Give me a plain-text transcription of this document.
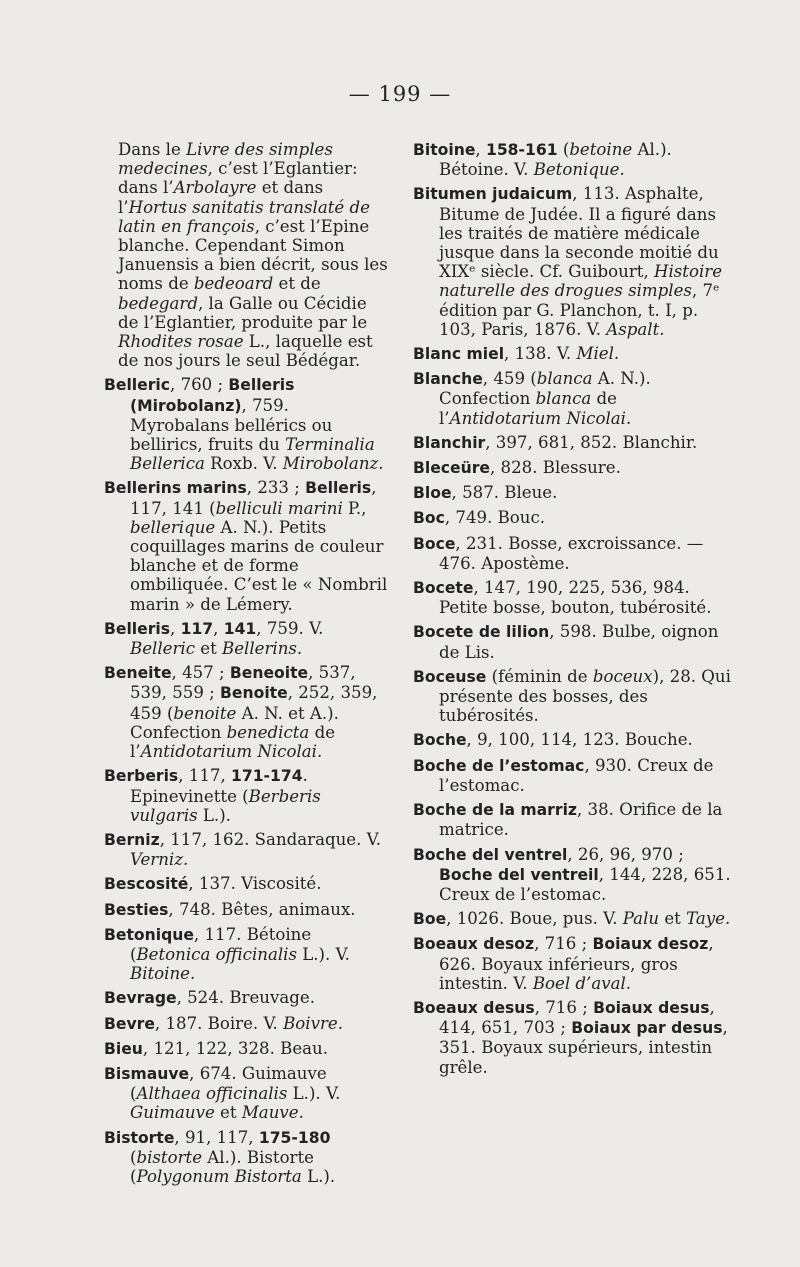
— 199 —

Dans le Livre des simples medecines, c’est l’Eglantier: dans l’Arbolayre et dans l’Hortus sanitatis translaté de latin en françois, c’est l’Epine blanche. Cependant Simon Januensis a bien décrit, sous les noms de bedeoard et de bedegard, la Galle ou Cécidie de l’Eglantier, produite par le Rhodites rosae L., laquelle est de nos jours le seul Bédégar.

Belleric, 760 ; Belleris (Mirobolanz), 759. Myrobalans bellérics ou bellirics, fruits du Terminalia Bellerica Roxb. V. Mirobolanz.

Bellerins marins, 233 ; Belleris, 117, 141 (belliculi marini P., bellerique A. N.). Petits coquillages marins de couleur blanche et de forme ombiliquée. C’est le « Nombril marin » de Lémery.

Belleris, 117, 141, 759. V. Belleric et Bellerins.

Beneite, 457 ; Beneoite, 537, 539, 559 ; Benoite, 252, 359, 459 (benoite A. N. et A.). Confection benedicta de l’Antidotarium Nicolai.

Berberis, 117, 171-174. Epinevinette (Berberis vulgaris L.).

Berniz, 117, 162. Sandaraque. V. Verniz.

Bescosité, 137. Viscosité.

Besties, 748. Bêtes, animaux.

Betonique, 117. Bétoine (Betonica officinalis L.). V. Bitoine.

Bevrage, 524. Breuvage.

Bevre, 187. Boire. V. Boivre.

Bieu, 121, 122, 328. Beau.

Bismauve, 674. Guimauve (Althaea officinalis L.). V. Guimauve et Mauve.

Bistorte, 91, 117, 175-180 (bistorte Al.). Bistorte (Polygonum Bistorta L.).

Bitoine, 158-161 (betoine Al.). Bétoine. V. Betonique.

Bitumen judaicum, 113. Asphalte, Bitume de Judée. Il a figuré dans les traités de matière médicale jusque dans la seconde moitié du XIXᵉ siècle. Cf. Guibourt, Histoire naturelle des drogues simples, 7ᵉ édition par G. Planchon, t. I, p. 103, Paris, 1876. V. Aspalt.

Blanc miel, 138. V. Miel.

Blanche, 459 (blanca A. N.). Confection blanca de l’Antidotarium Nicolai.

Blanchir, 397, 681, 852. Blanchir.

Bleceüre, 828. Blessure.

Bloe, 587. Bleue.

Boc, 749. Bouc.

Boce, 231. Bosse, excroissance. — 476. Apostème.

Bocete, 147, 190, 225, 536, 984. Petite bosse, bouton, tubérosité.

Bocete de lilion, 598. Bulbe, oignon de Lis.

Boceuse (féminin de boceux), 28. Qui présente des bosses, des tubérosités.

Boche, 9, 100, 114, 123. Bouche.

Boche de l’estomac, 930. Creux de l’estomac.

Boche de la marriz, 38. Orifice de la matrice.

Boche del ventrel, 26, 96, 970 ; Boche del ventreil, 144, 228, 651. Creux de l’estomac.

Boe, 1026. Boue, pus. V. Palu et Taye.

Boeaux desoz, 716 ; Boiaux desoz, 626. Boyaux inférieurs, gros intestin. V. Boel d’aval.

Boeaux desus, 716 ; Boiaux desus, 414, 651, 703 ; Boiaux par desus, 351. Boyaux supérieurs, intestin grêle.
